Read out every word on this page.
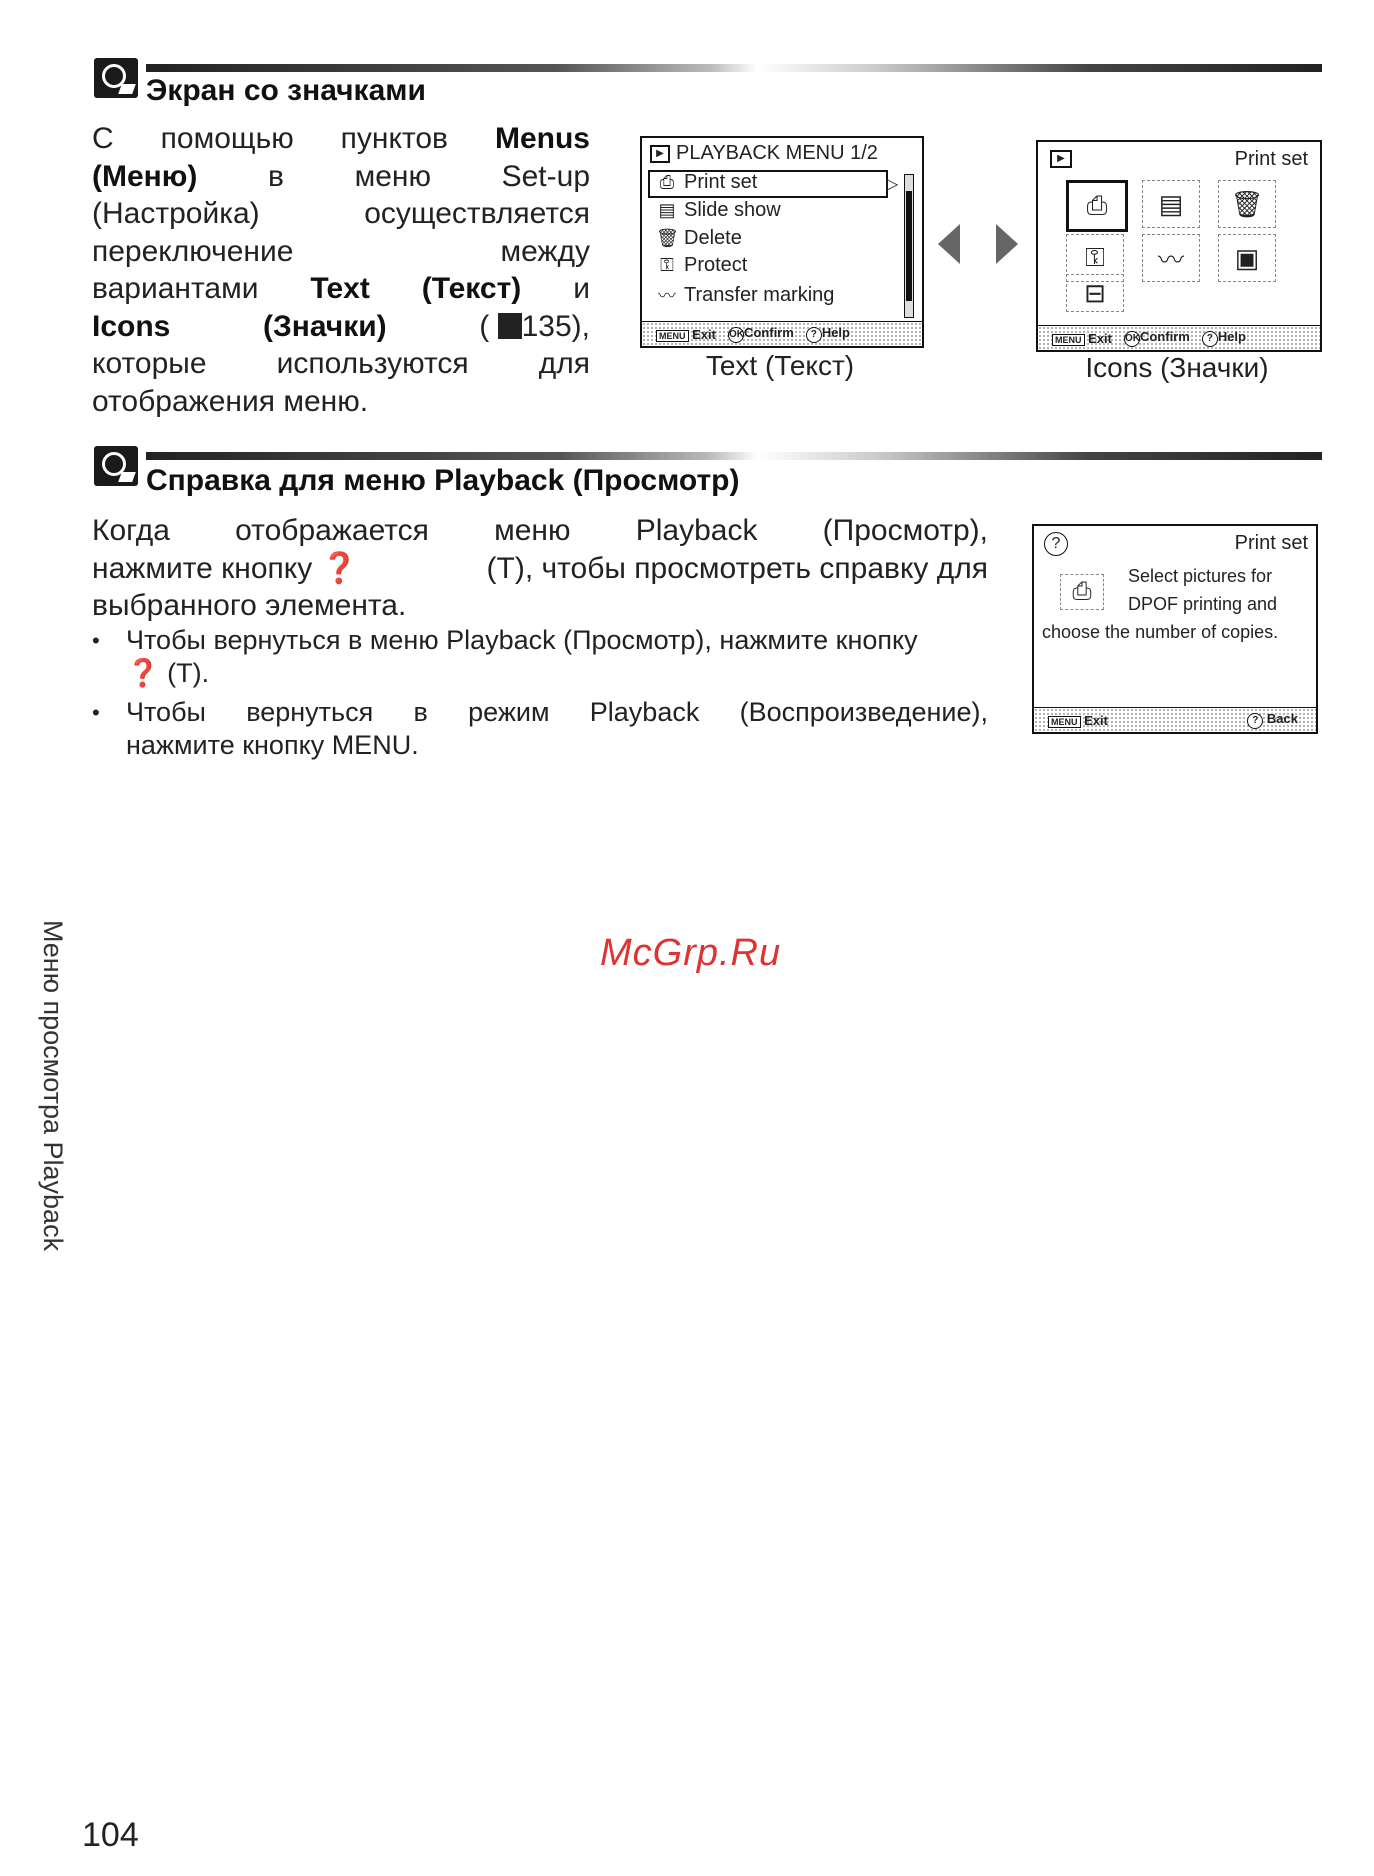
Экран со значками
С помощью пунктов Menus
(Меню) в меню Set-up
(Настройка)	осуществляется
переключение	между
вариантами Text (Текст) и
Icons	(Значки)	( 135),
которые используются для
отображения меню.
▶ PLAYBACK MENU 1/2
⎙ Print set
▤ Slide show
🗑 Delete
⚿ Protect
〰 Transfer marking
▷
MENU Exit OKConfirm	? Help
Text (Текст)
▶	Print set
⎙	▤	🗑
⚿	〰	▣
⊟
MENU Exit OKConfirm	? Help
Icons (Значки)
Справка для меню Playback (Просмотр)
Когда отображается меню Playback (Просмотр),
нажмите кнопку ❓	(T), чтобы просмотреть справку для
выбранного элемента.
• Чтобы вернуться в меню Playback (Просмотр), нажмите кнопку
❓ (T).
• Чтобы вернуться в режим Playback (Воспроизведение),
нажмите кнопку MENU.
?	Print set
⎙
Select pictures for
DPOF printing and
choose the number of copies.
MENU Exit	? Back
McGrp.Ru
Меню просмотра Playback
104
